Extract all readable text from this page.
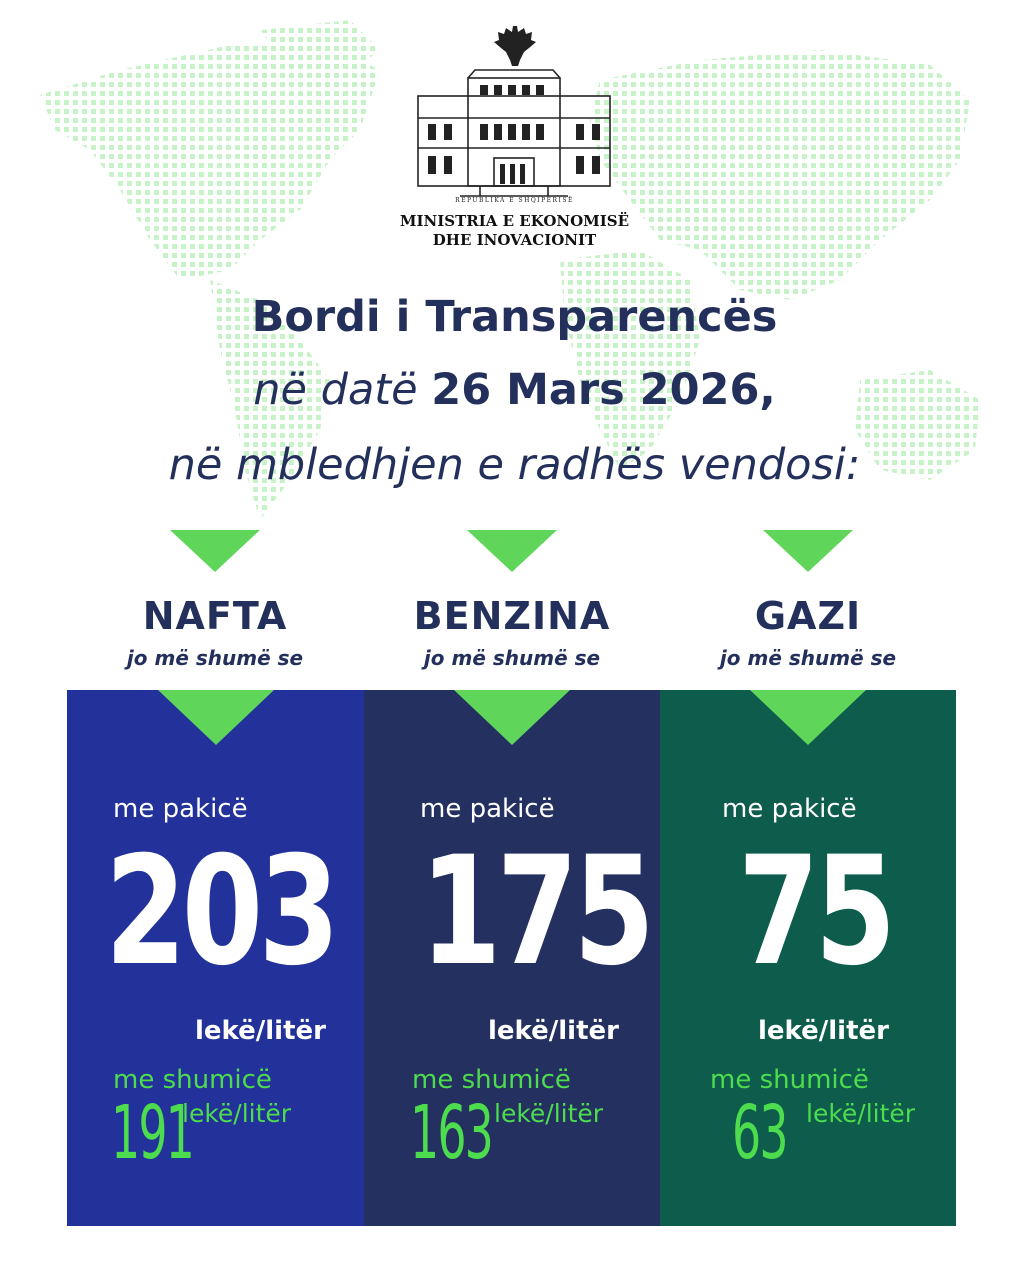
REPUBLIKA E SHQIPËRISË
MINISTRIA E EKONOMISË
DHE INOVACIONIT
Bordi i Transparencës
në datë 26 Mars 2026,
në mbledhjen e radhës vendosi:
NAFTA
jo më shumë se
BENZINA
jo më shumë se
GAZI
jo më shumë se
me pakicë
203
lekë/litër
me shumicë
191
lekë/litër
me pakicë
175
lekë/litër
me shumicë
163 lekë/litër
me pakicë
75
lekë/litër
me shumicë
63 lekë/litër
